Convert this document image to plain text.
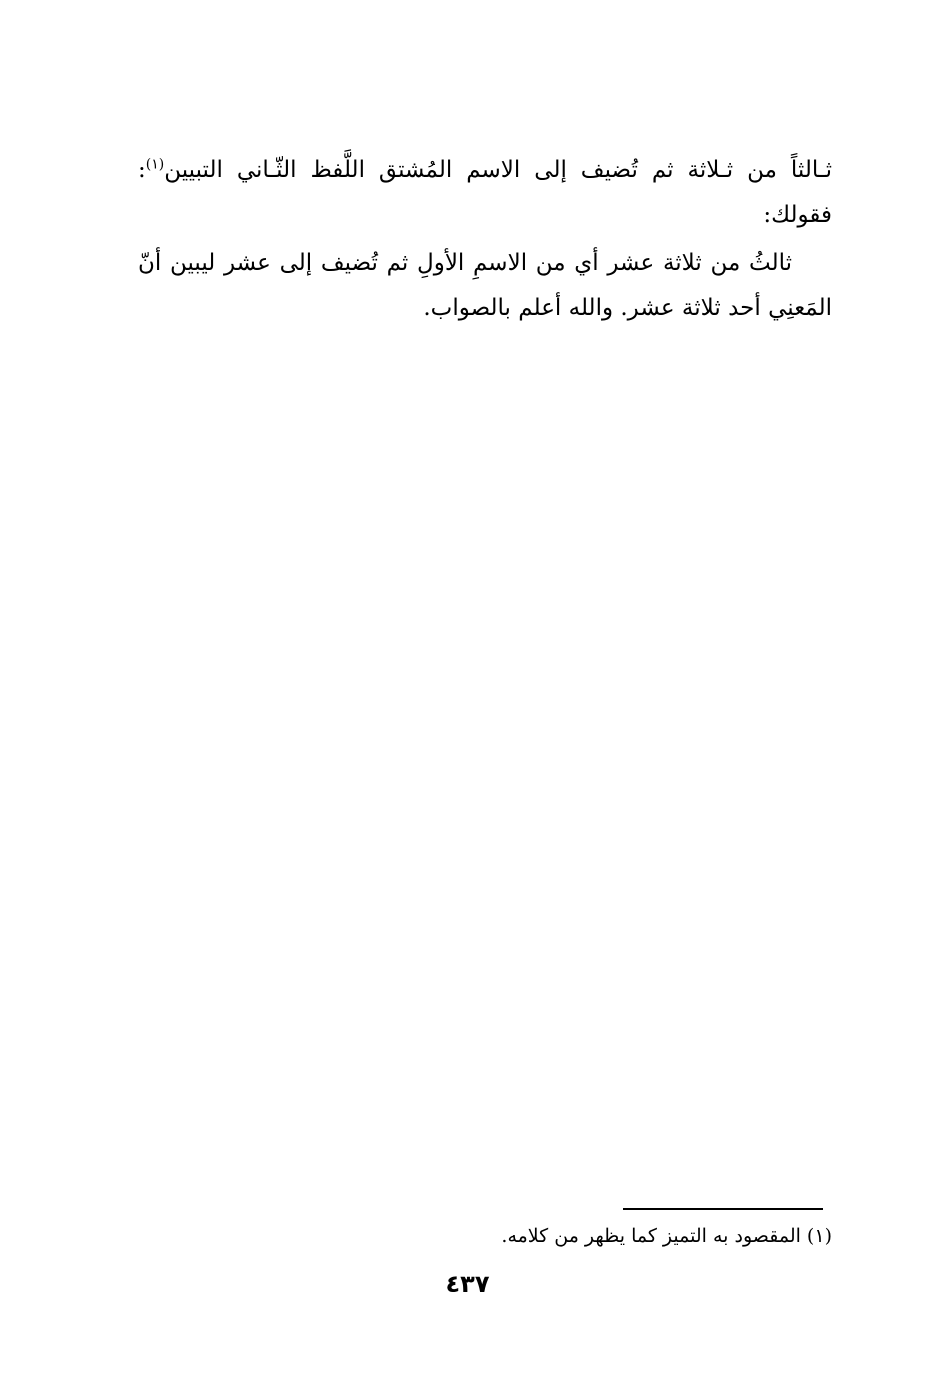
ثـالثاً من ثـلاثة ثم تُضيف إلى الاسم المُشتق اللَّفظ الثّـاني التبيين$^{(١)}$: فقولك:

ثالثُ من ثلاثة عشر أي من الاسمِ الأولِ ثم تُضيف إلى عشر ليبين أنّ المَعنِي أحد ثلاثة عشر. والله أعلم بالصواب.

(١) المقصود به التميز كما يظهر من كلامه.
٤٣٧
